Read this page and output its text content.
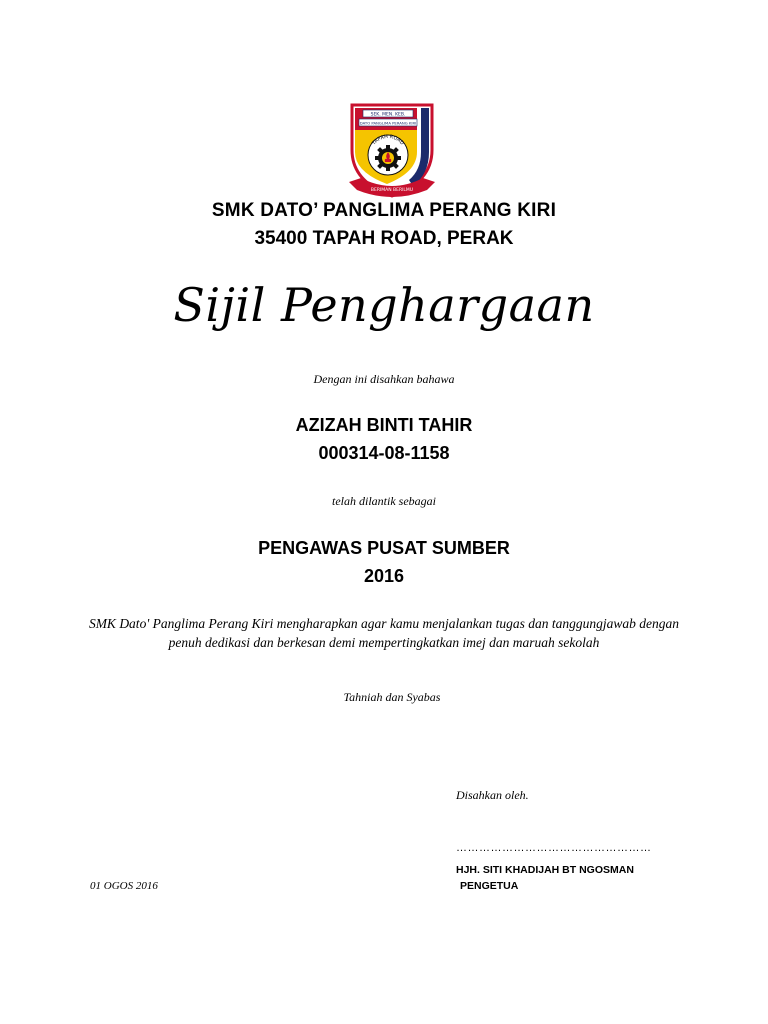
SEK. MEN. KEB.
DATO PANGLIMA PERANG KIRI
TAPAH ROAD
BERIMAN BERILMU
SMK DATO’ PANGLIMA PERANG KIRI
35400 TAPAH ROAD, PERAK
Sijil Penghargaan
Dengan ini disahkan bahawa
AZIZAH BINTI TAHIR
000314-08-1158
telah dilantik sebagai
PENGAWAS PUSAT SUMBER
2016
SMK Dato' Panglima Perang Kiri mengharapkan agar kamu menjalankan tugas dan tanggungjawab dengan penuh dedikasi dan berkesan demi mempertingkatkan imej dan maruah sekolah
Tahniah dan Syabas
Disahkan oleh.
……………………………………………
HJH. SITI KHADIJAH BT NGOSMAN
PENGETUA
01 OGOS 2016
